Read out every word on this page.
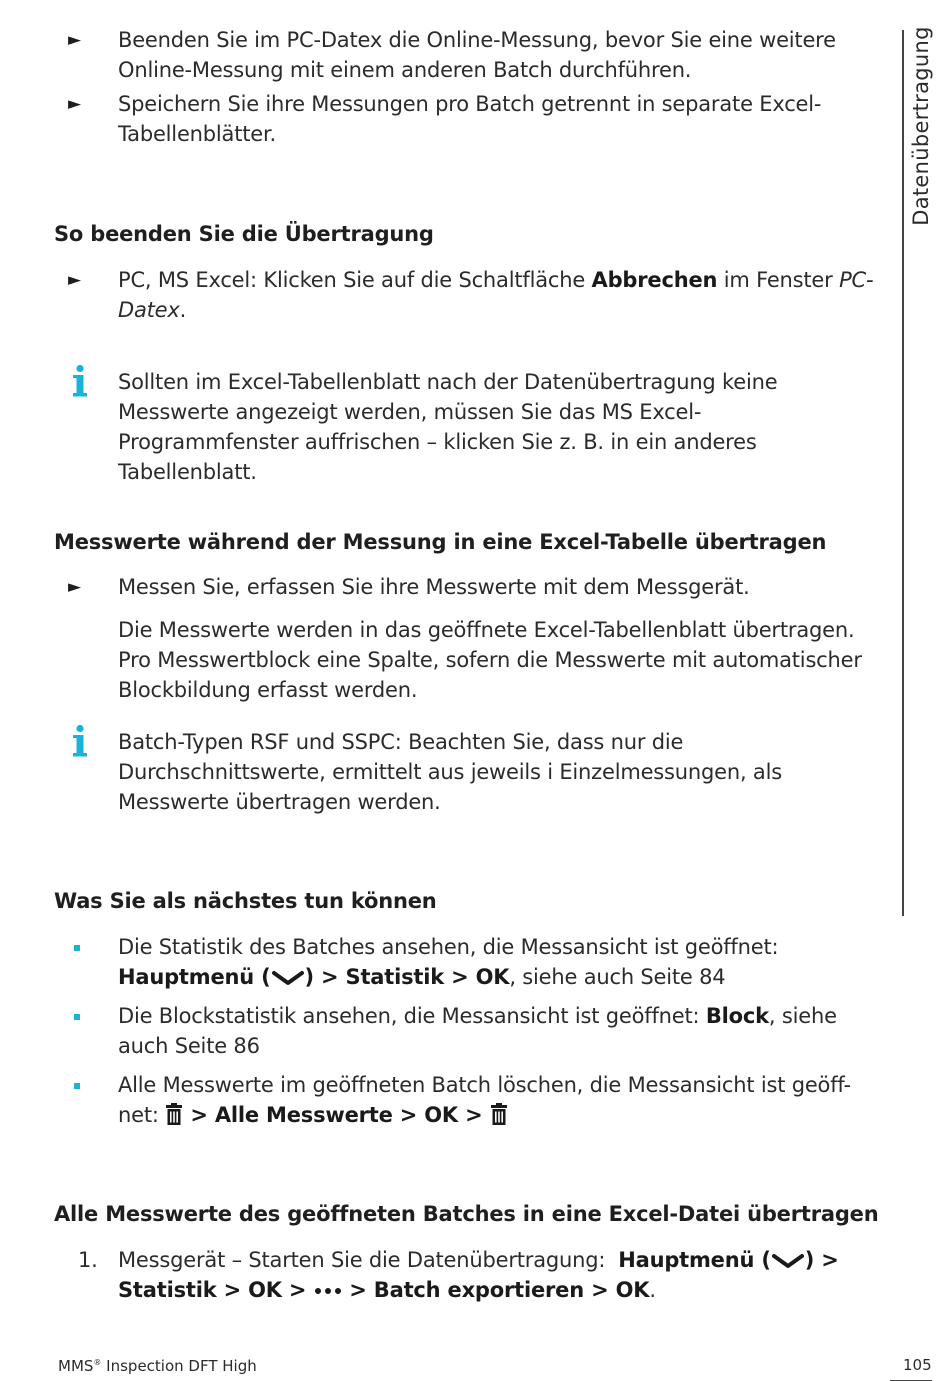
Datenübertragung
► Beenden Sie im PC-Datex die Online-Messung, bevor Sie eine weitere Online-Messung mit einem anderen Batch durchführen.
► Speichern Sie ihre Messungen pro Batch getrennt in separate Excel-Tabellenblätter.
So beenden Sie die Übertragung
► PC, MS Excel: Klicken Sie auf die Schaltfläche Abbrechen im Fenster PC-Datex.
Sollten im Excel-Tabellenblatt nach der Datenübertragung keine Messwerte angezeigt werden, müssen Sie das MS Excel-Programmfenster auffrischen – klicken Sie z. B. in ein anderes Tabellenblatt.
Messwerte während der Messung in eine Excel-Tabelle übertragen
► Messen Sie, erfassen Sie ihre Messwerte mit dem Messgerät.
Die Messwerte werden in das geöffnete Excel-Tabellenblatt übertragen. Pro Messwertblock eine Spalte, sofern die Messwerte mit automatischer Blockbildung erfasst werden.
Batch-Typen RSF und SSPC: Beachten Sie, dass nur die Durchschnittswerte, ermittelt aus jeweils i Einzelmessungen, als Messwerte übertragen werden.
Was Sie als nächstes tun können
Die Statistik des Batches ansehen, die Messansicht ist geöffnet:
Hauptmenü ( ) > Statistik > OK, siehe auch Seite 84
Die Blockstatistik ansehen, die Messansicht ist geöffnet: Block, siehe auch Seite 86
Alle Messwerte im geöffneten Batch löschen, die Messansicht ist geöff-
net:  > Alle Messwerte > OK >
Alle Messwerte des geöffneten Batches in eine Excel-Datei übertragen
1. Messgerät – Starten Sie die Datenübertragung: Hauptmenü ( ) >
Statistik > OK > > Batch exportieren > OK.
MMS® Inspection DFT High	105
